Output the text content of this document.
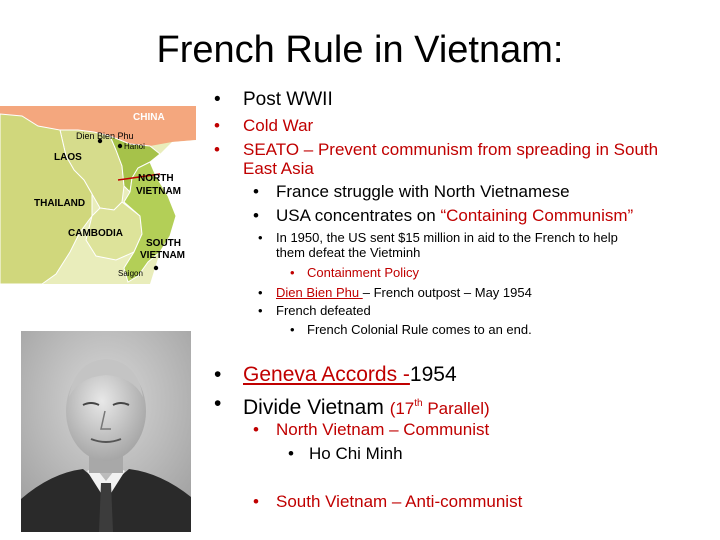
French Rule in Vietnam:
CHINA
Dien Bien Phu
Hanoi
LAOS
NORTH
VIETNAM
THAILAND
CAMBODIA
SOUTH
VIETNAM
Saigon
• Post WWII
• Cold War
• SEATO – Prevent communism from spreading in South
East Asia
• France struggle with North Vietnamese
• USA concentrates on “Containing Communism”
• In 1950, the US sent $15 million in aid to the French to help
them defeat the Vietminh
• Containment Policy
• Dien Bien Phu – French outpost – May 1954
• French defeated
• French Colonial Rule comes to an end.
• Geneva Accords -1954
• Divide Vietnam (17th Parallel)
• North Vietnam – Communist
• Ho Chi Minh
• South Vietnam – Anti-communist
